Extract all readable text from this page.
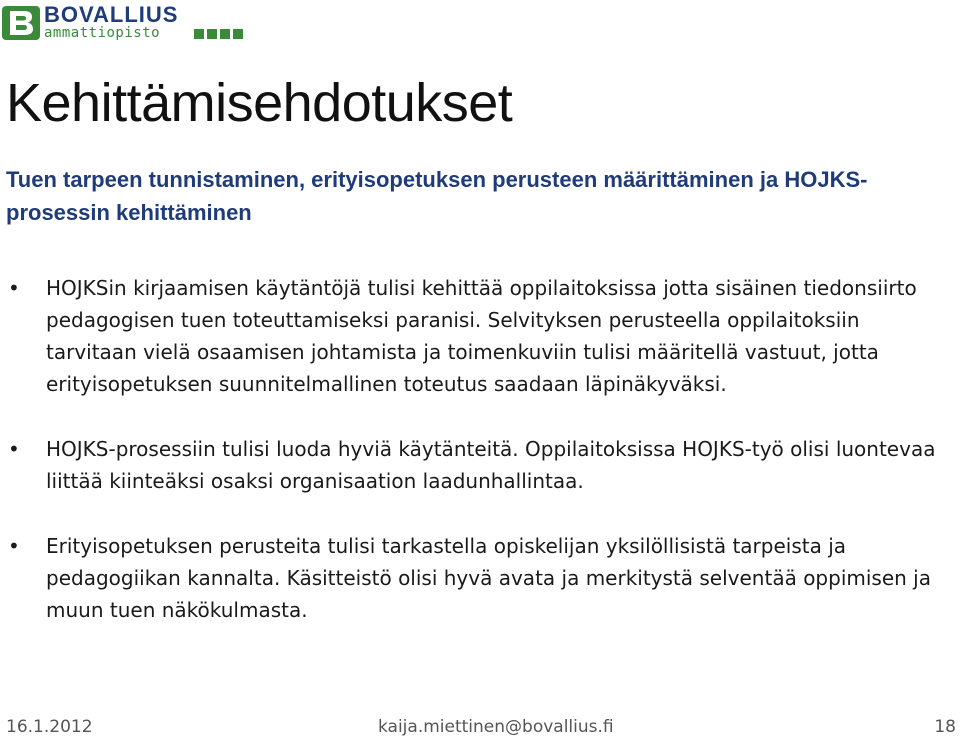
BOVALLIUS
ammattiopisto
Kehittämisehdotukset

Tuen tarpeen tunnistaminen, erityisopetuksen perusteen määrittäminen ja HOJKS-prosessin kehittäminen

• HOJKSin kirjaamisen käytäntöjä tulisi kehittää oppilaitoksissa jotta sisäinen tiedonsiirto pedagogisen tuen toteuttamiseksi paranisi. Selvityksen perusteella oppilaitoksiin tarvitaan vielä osaamisen johtamista ja toimenkuviin tulisi määritellä vastuut, jotta erityisopetuksen suunnitelmallinen toteutus saadaan läpinäkyväksi.
• HOJKS-prosessiin tulisi luoda hyviä käytänteitä. Oppilaitoksissa HOJKS-työ olisi luontevaa liittää kiinteäksi osaksi organisaation laadunhallintaa.
• Erityisopetuksen perusteita tulisi tarkastella opiskelijan yksilöllisistä tarpeista ja pedagogiikan kannalta. Käsitteistö olisi hyvä avata ja merkitystä selventää oppimisen ja muun tuen näkökulmasta.
16.1.2012	kaija.miettinen@bovallius.fi	18
